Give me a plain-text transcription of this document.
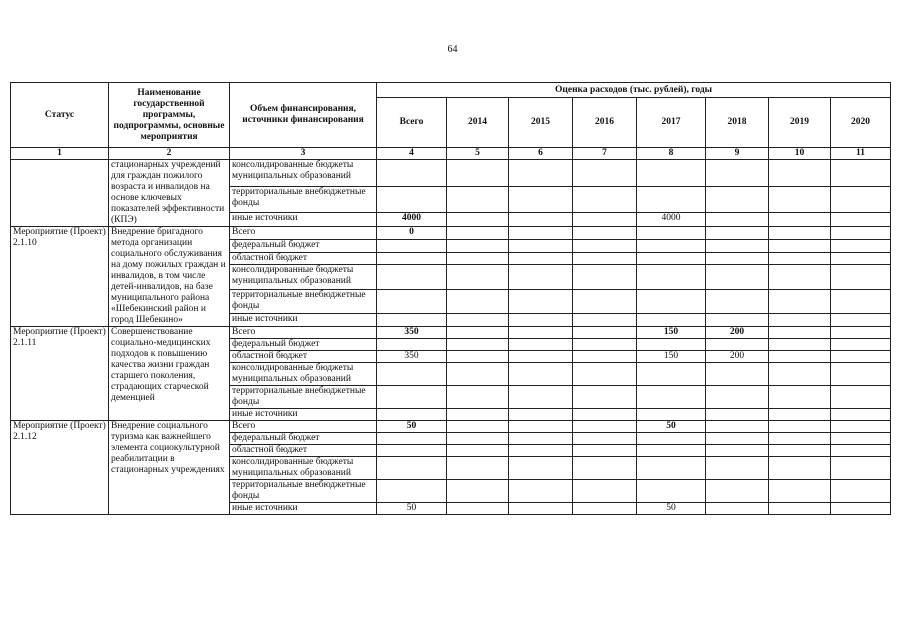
64
Статус	Наименование государственной программы, подпрограммы, основные мероприятия	Объем финансирования, источники финансирования	Оценка расходов (тыс. рублей), годы							
			Всего	2014	2015	2016	2017	2018	2019	2020
1	2	3	4	5	6	7	8	9	10	11
	стационарных учреждений для граждан пожилого возраста и инвалидов на основе ключевых показателей эффективности (КПЭ)	консолидированные бюджеты муниципальных образований								
		территориальные внебюджетные фонды								
		иные источники	4000				4000			
Мероприятие (Проект) 2.1.10	Внедрение бригадного метода организации социального обслуживания на дому пожилых граждан и инвалидов, в том числе детей-инвалидов, на базе муниципального района «Шебекинский район и город Шебекино»	Всего	0							
		федеральный бюджет								
		областной бюджет								
		консолидированные бюджеты муниципальных образований								
		территориальные внебюджетные фонды								
		иные источники								
Мероприятие (Проект) 2.1.11	Совершенствование социально-медицинских подходов к повышению качества жизни граждан старшего поколения, страдающих старческой деменцией	Всего	350				150	200		
		федеральный бюджет								
		областной бюджет	350				150	200		
		консолидированные бюджеты муниципальных образований								
		территориальные внебюджетные фонды								
		иные источники								
Мероприятие (Проект) 2.1.12	Внедрение социального туризма как важнейшего элемента социокультурной реабилитации в стационарных учреждениях	Всего	50				50			
		федеральный бюджет								
		областной бюджет								
		консолидированные бюджеты муниципальных образований								
		территориальные внебюджетные фонды								
		иные источники	50				50			
